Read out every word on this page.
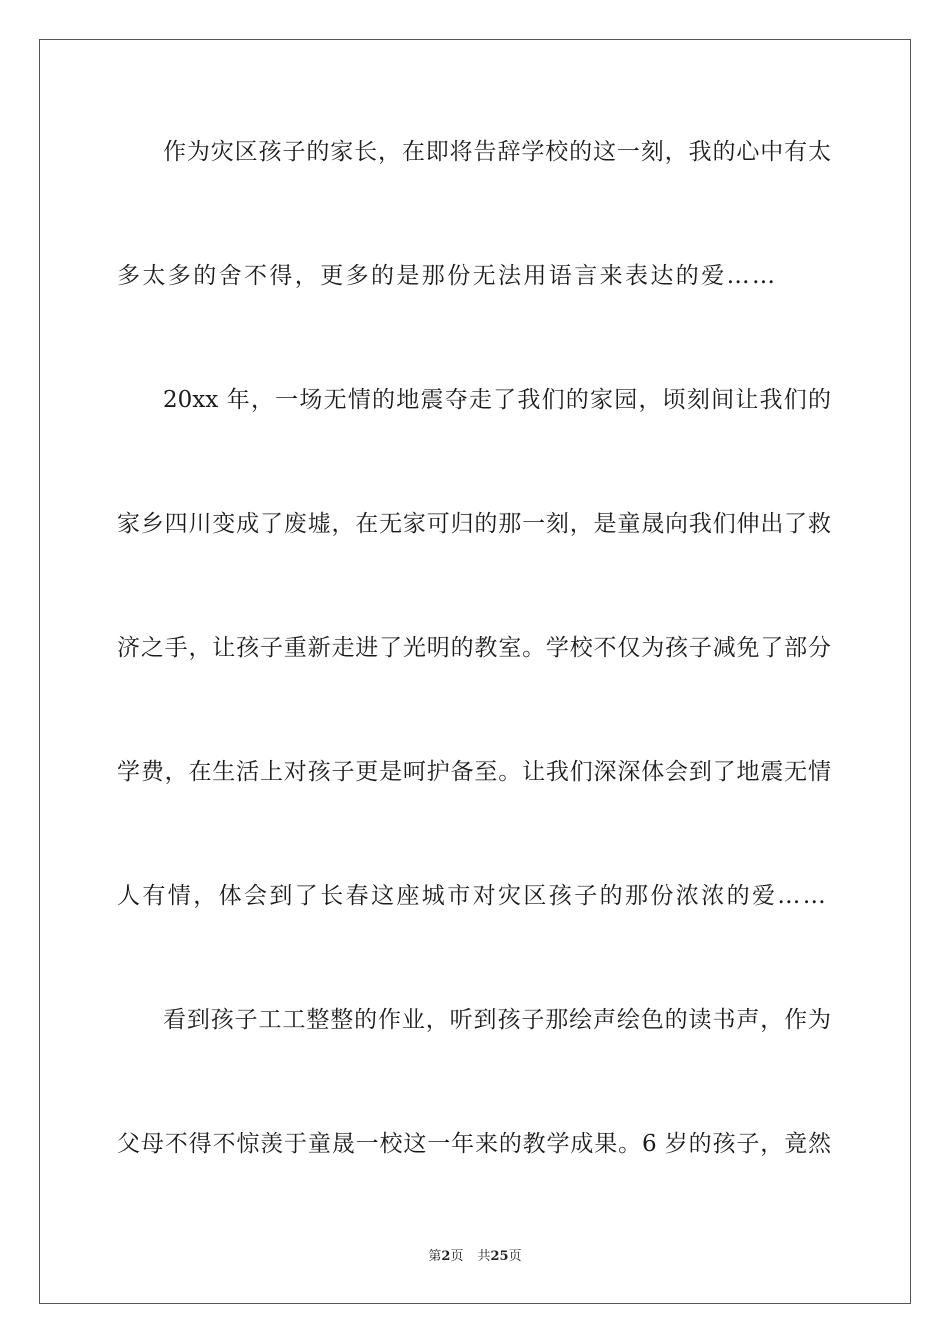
作为灾区孩子的家长，在即将告辞学校的这一刻，我的心中有太
多太多的舍不得，更多的是那份无法用语言来表达的爱……
20xx 年，一场无情的地震夺走了我们的家园，顷刻间让我们的
家乡四川变成了废墟，在无家可归的那一刻，是童晟向我们伸出了救
济之手，让孩子重新走进了光明的教室。学校不仅为孩子减免了部分
学费，在生活上对孩子更是呵护备至。让我们深深体会到了地震无情
人有情，体会到了长春这座城市对灾区孩子的那份浓浓的爱……
看到孩子工工整整的作业，听到孩子那绘声绘色的读书声，作为
父母不得不惊羡于童晟一校这一年来的教学成果。6 岁的孩子，竟然
第2页 共25页
